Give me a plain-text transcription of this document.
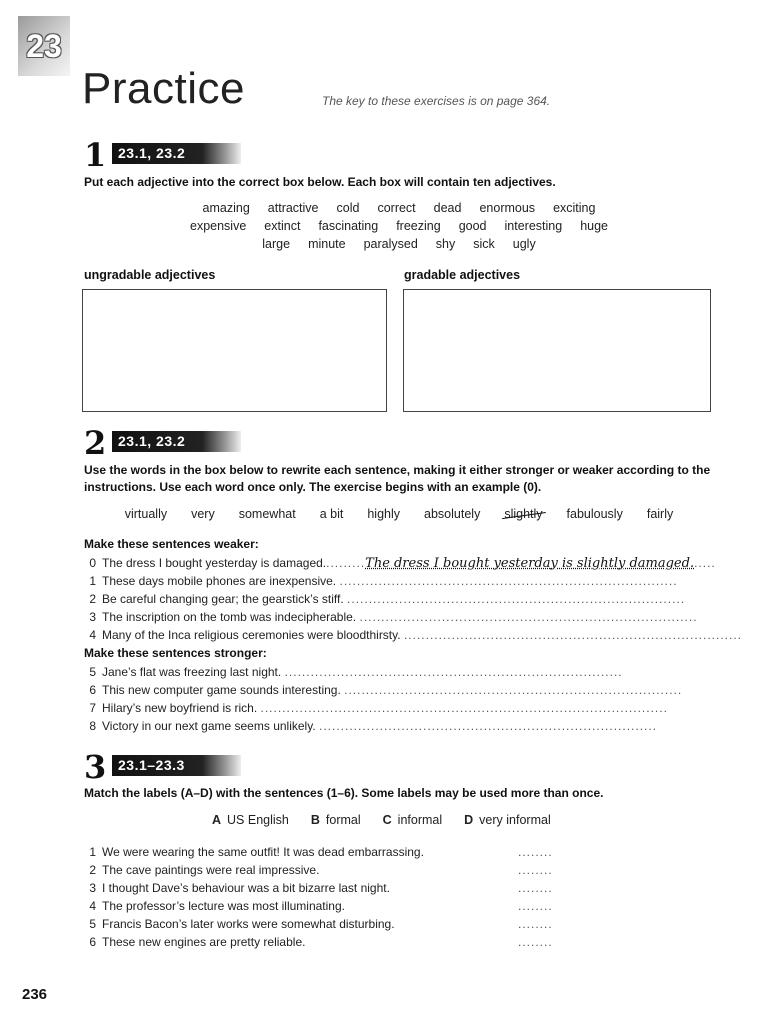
23
Practice	The key to these exercises is on page 364.
1 23.1, 23.2
Put each adjective into the correct box below. Each box will contain ten adjectives.
amazing attractive cold correct dead enormous exciting
expensive extinct fascinating freezing good interesting huge
large minute paralysed shy sick ugly
ungradable adjectives	gradable adjectives
2 23.1, 23.2
Use the words in the box below to rewrite each sentence, making it either stronger or weaker according to the instructions. Use each word once only. The exercise begins with an example (0).
virtually very somewhat a bit highly absolutely slightly fabulously fairly
Make these sentences weaker:
0 The dress I bought yesterday is damaged..........The dress I bought yesterday is slightly damaged......
1 These days mobile phones are inexpensive. ..............................................................................
2 Be careful changing gear; the gearstick’s stiff. ..............................................................................
3 The inscription on the tomb was indecipherable. ..............................................................................
4 Many of the Inca religious ceremonies were bloodthirsty. ..............................................................................
Make these sentences stronger:
5 Jane’s flat was freezing last night. ..............................................................................
6 This new computer game sounds interesting. ..............................................................................
7 Hilary’s new boyfriend is rich. ..............................................................................................
8 Victory in our next game seems unlikely. ..............................................................................
3 23.1–23.3
Match the labels (A–D) with the sentences (1–6). Some labels may be used more than once.
A US English B formal C informal D very informal
1 We were wearing the same outfit! It was dead embarrassing.	........
2 The cave paintings were real impressive.	........
3 I thought Dave’s behaviour was a bit bizarre last night.	........
4 The professor’s lecture was most illuminating.	........
5 Francis Bacon’s later works were somewhat disturbing.	........
6 These new engines are pretty reliable.	........
236
